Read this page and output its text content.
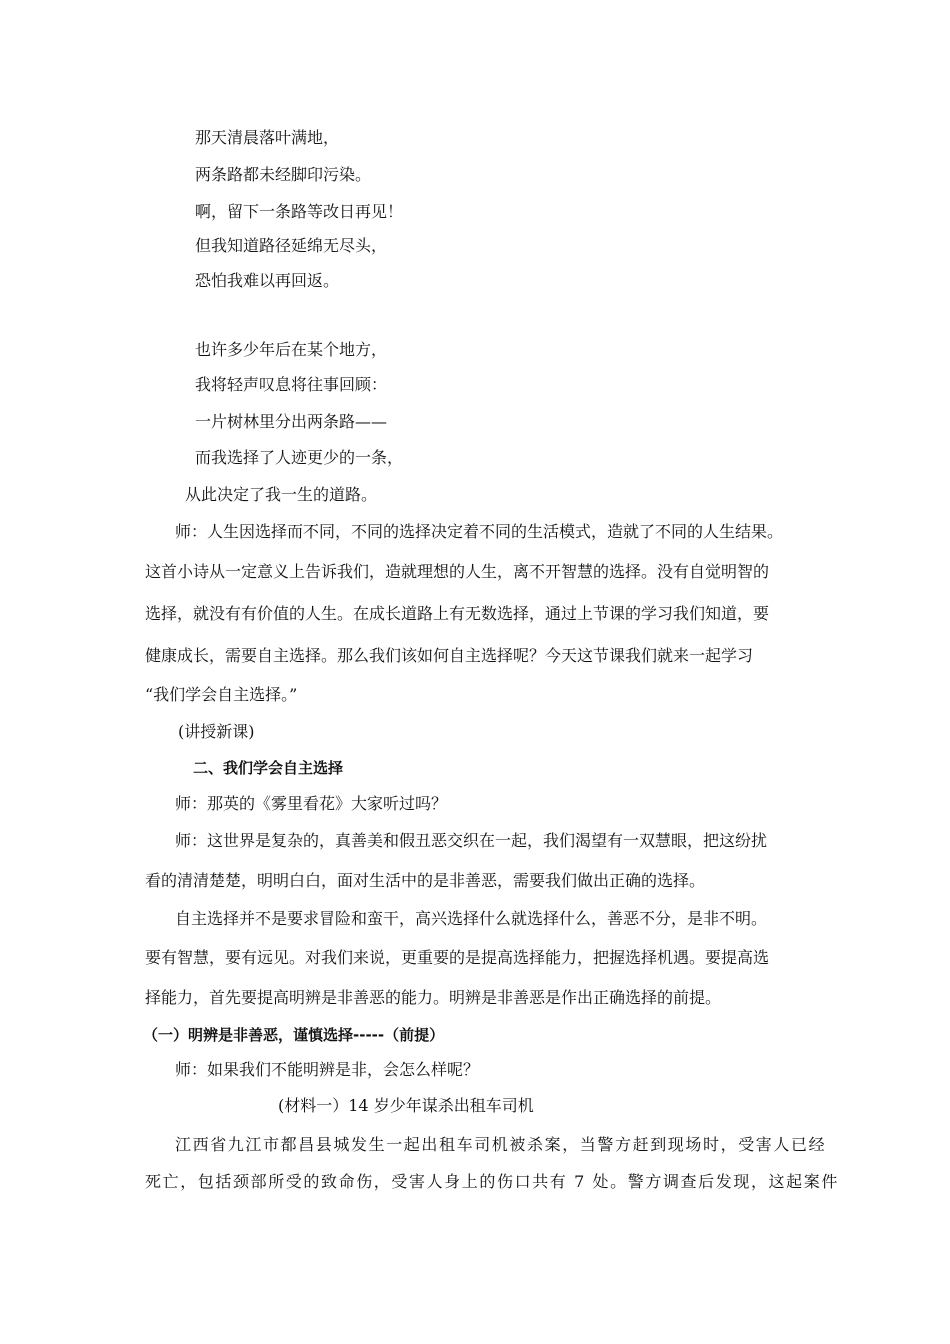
那天清晨落叶满地，
两条路都未经脚印污染。
啊，留下一条路等改日再见！
但我知道路径延绵无尽头，
恐怕我难以再回返。
也许多少年后在某个地方，
我将轻声叹息将往事回顾：
一片树林里分出两条路——
而我选择了人迹更少的一条，
从此决定了我一生的道路。
师：人生因选择而不同，不同的选择决定着不同的生活模式，造就了不同的人生结果。
这首小诗从一定意义上告诉我们，造就理想的人生，离不开智慧的选择。没有自觉明智的
选择，就没有有价值的人生。在成长道路上有无数选择，通过上节课的学习我们知道，要
健康成长，需要自主选择。那么我们该如何自主选择呢？今天这节课我们就来一起学习
“我们学会自主选择。”
(讲授新课)
二、我们学会自主选择
师：那英的《雾里看花》大家听过吗？
师：这世界是复杂的，真善美和假丑恶交织在一起，我们渴望有一双慧眼，把这纷扰
看的清清楚楚，明明白白，面对生活中的是非善恶，需要我们做出正确的选择。
自主选择并不是要求冒险和蛮干，高兴选择什么就选择什么，善恶不分，是非不明。
要有智慧，要有远见。对我们来说，更重要的是提高选择能力，把握选择机遇。要提高选
择能力，首先要提高明辨是非善恶的能力。明辨是非善恶是作出正确选择的前提。
（一）明辨是非善恶，谨慎选择-----（前提）
师：如果我们不能明辨是非，会怎么样呢？
(材料一）14 岁少年谋杀出租车司机
江西省九江市都昌县城发生一起出租车司机被杀案，当警方赶到现场时，受害人已经
死亡，包括颈部所受的致命伤，受害人身上的伤口共有 7 处。警方调查后发现，这起案件
